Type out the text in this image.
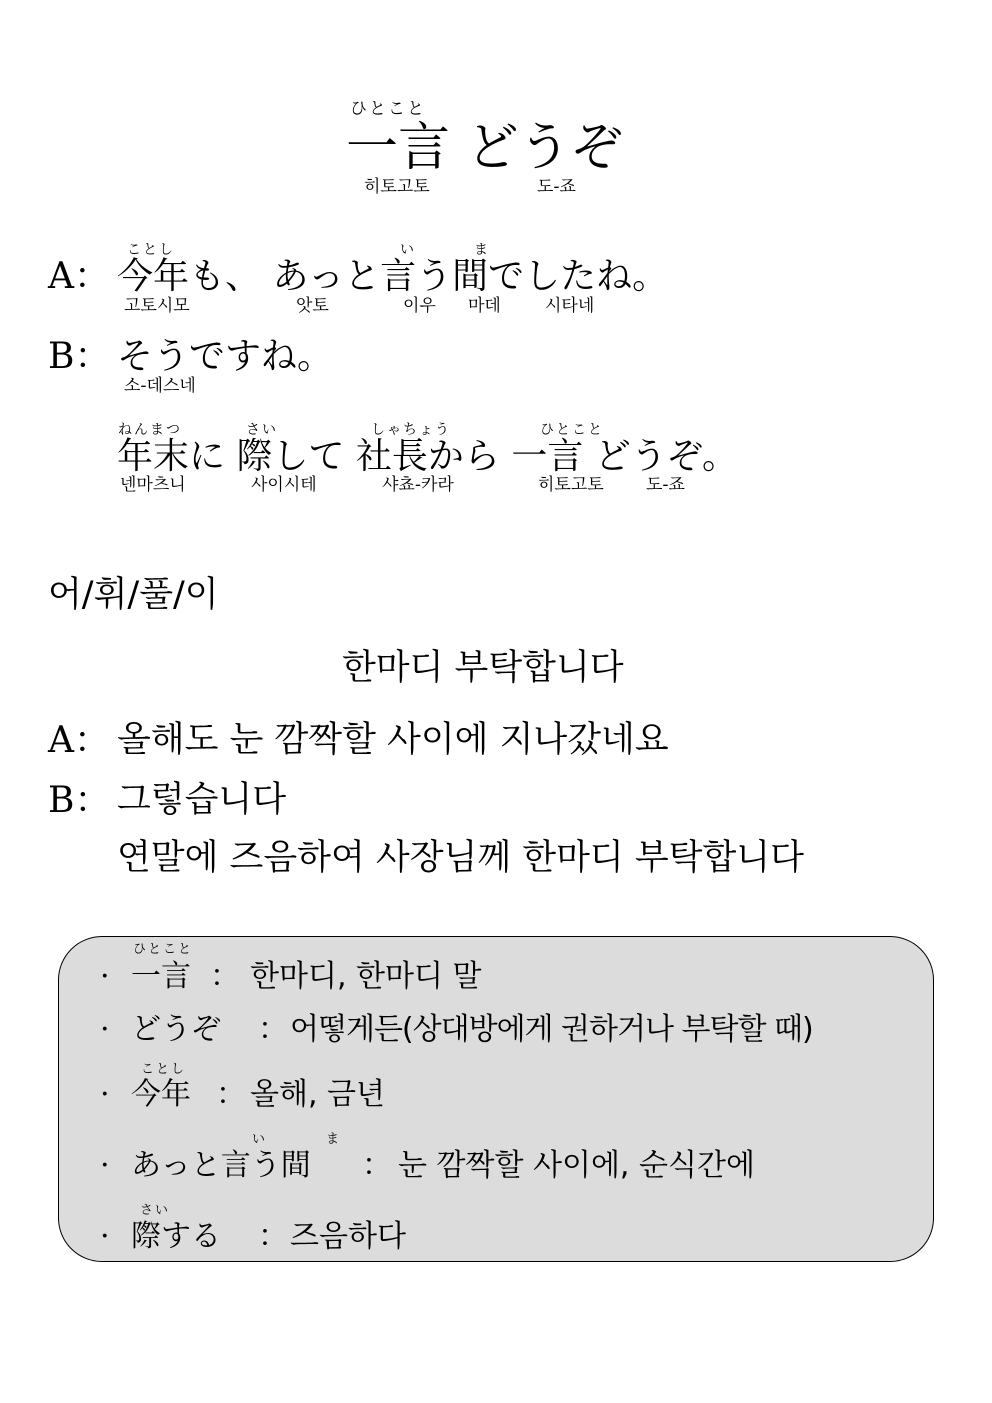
ひとこと
一言 どうぞ
히토고토	도-죠
ことし	い	ま
A： 今年も、 あっと言う間でしたね。
고토시모	앗토	이우 마데	시타네
B： そうですね。
소-데스네
ねんまつ	さい	しゃちょう	ひとこと
年末に 際して 社長から 一言 どうぞ。
넨마츠니	사이시테	샤쵸-카라	히토고토 도-죠
어/휘/풀/이
한마디 부탁합니다
A： 올해도 눈 깜짝할 사이에 지나갔네요
B： 그렇습니다
연말에 즈음하여 사장님께 한마디 부탁합니다
ひとこと
· 一言 ： 한마디, 한마디 말
· どうぞ ： 어떻게든(상대방에게 권하거나 부탁할 때)
ことし
· 今年 ： 올해, 금년
い	ま
· あっと言う間 ： 눈 깜짝할 사이에, 순식간에
さい
· 際する ： 즈음하다
